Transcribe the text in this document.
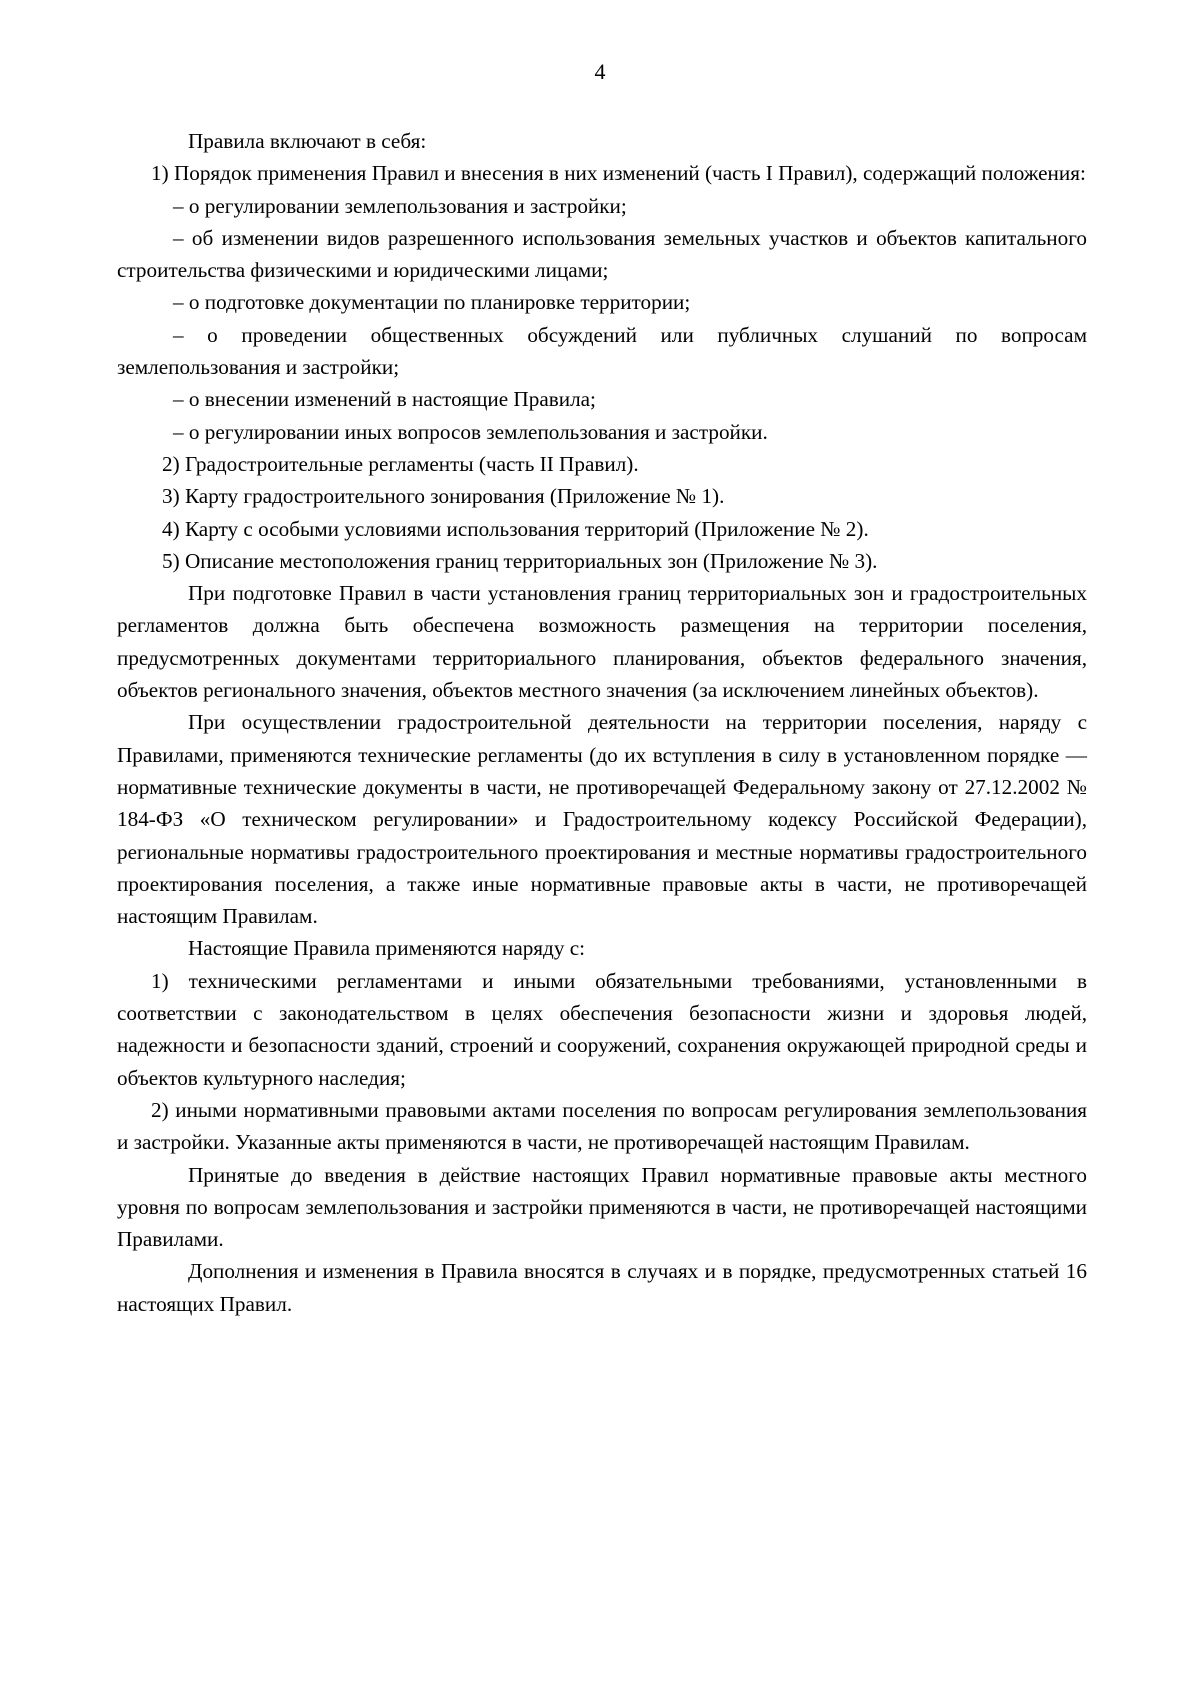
4

Правила включают в себя:

1) Порядок применения Правил и внесения в них изменений (часть I Правил), содержащий положения:

– о регулировании землепользования и застройки;

– об изменении видов разрешенного использования земельных участков и объектов капитального строительства физическими и юридическими лицами;

– о подготовке документации по планировке территории;

– о проведении общественных обсуждений или публичных слушаний по вопросам землепользования и застройки;

– о внесении изменений в настоящие Правила;

– о регулировании иных вопросов землепользования и застройки.

2) Градостроительные регламенты (часть II Правил).

3) Карту градостроительного зонирования (Приложение № 1).

4) Карту с особыми условиями использования территорий (Приложение № 2).

5) Описание местоположения границ территориальных зон (Приложение № 3).

При подготовке Правил в части установления границ территориальных зон и градостроительных регламентов должна быть обеспечена возможность размещения на территории поселения, предусмотренных документами территориального планирования, объектов федерального значения, объектов регионального значения, объектов местного значения (за исключением линейных объектов).

При осуществлении градостроительной деятельности на территории поселения, наряду с Правилами, применяются технические регламенты (до их вступления в силу в установленном порядке — нормативные технические документы в части, не противоречащей Федеральному закону от 27.12.2002 № 184-ФЗ «О техническом регулировании» и Градостроительному кодексу Российской Федерации), региональные нормативы градостроительного проектирования и местные нормативы градостроительного проектирования поселения, а также иные нормативные правовые акты в части, не противоречащей настоящим Правилам.

Настоящие Правила применяются наряду с:

1) техническими регламентами и иными обязательными требованиями, установленными в соответствии с законодательством в целях обеспечения безопасности жизни и здоровья людей, надежности и безопасности зданий, строений и сооружений, сохранения окружающей природной среды и объектов культурного наследия;

2) иными нормативными правовыми актами поселения по вопросам регулирования землепользования и застройки. Указанные акты применяются в части, не противоречащей настоящим Правилам.

Принятые до введения в действие настоящих Правил нормативные правовые акты местного уровня по вопросам землепользования и застройки применяются в части, не противоречащей настоящими Правилами.

Дополнения и изменения в Правила вносятся в случаях и в порядке, предусмотренных статьей 16 настоящих Правил.
